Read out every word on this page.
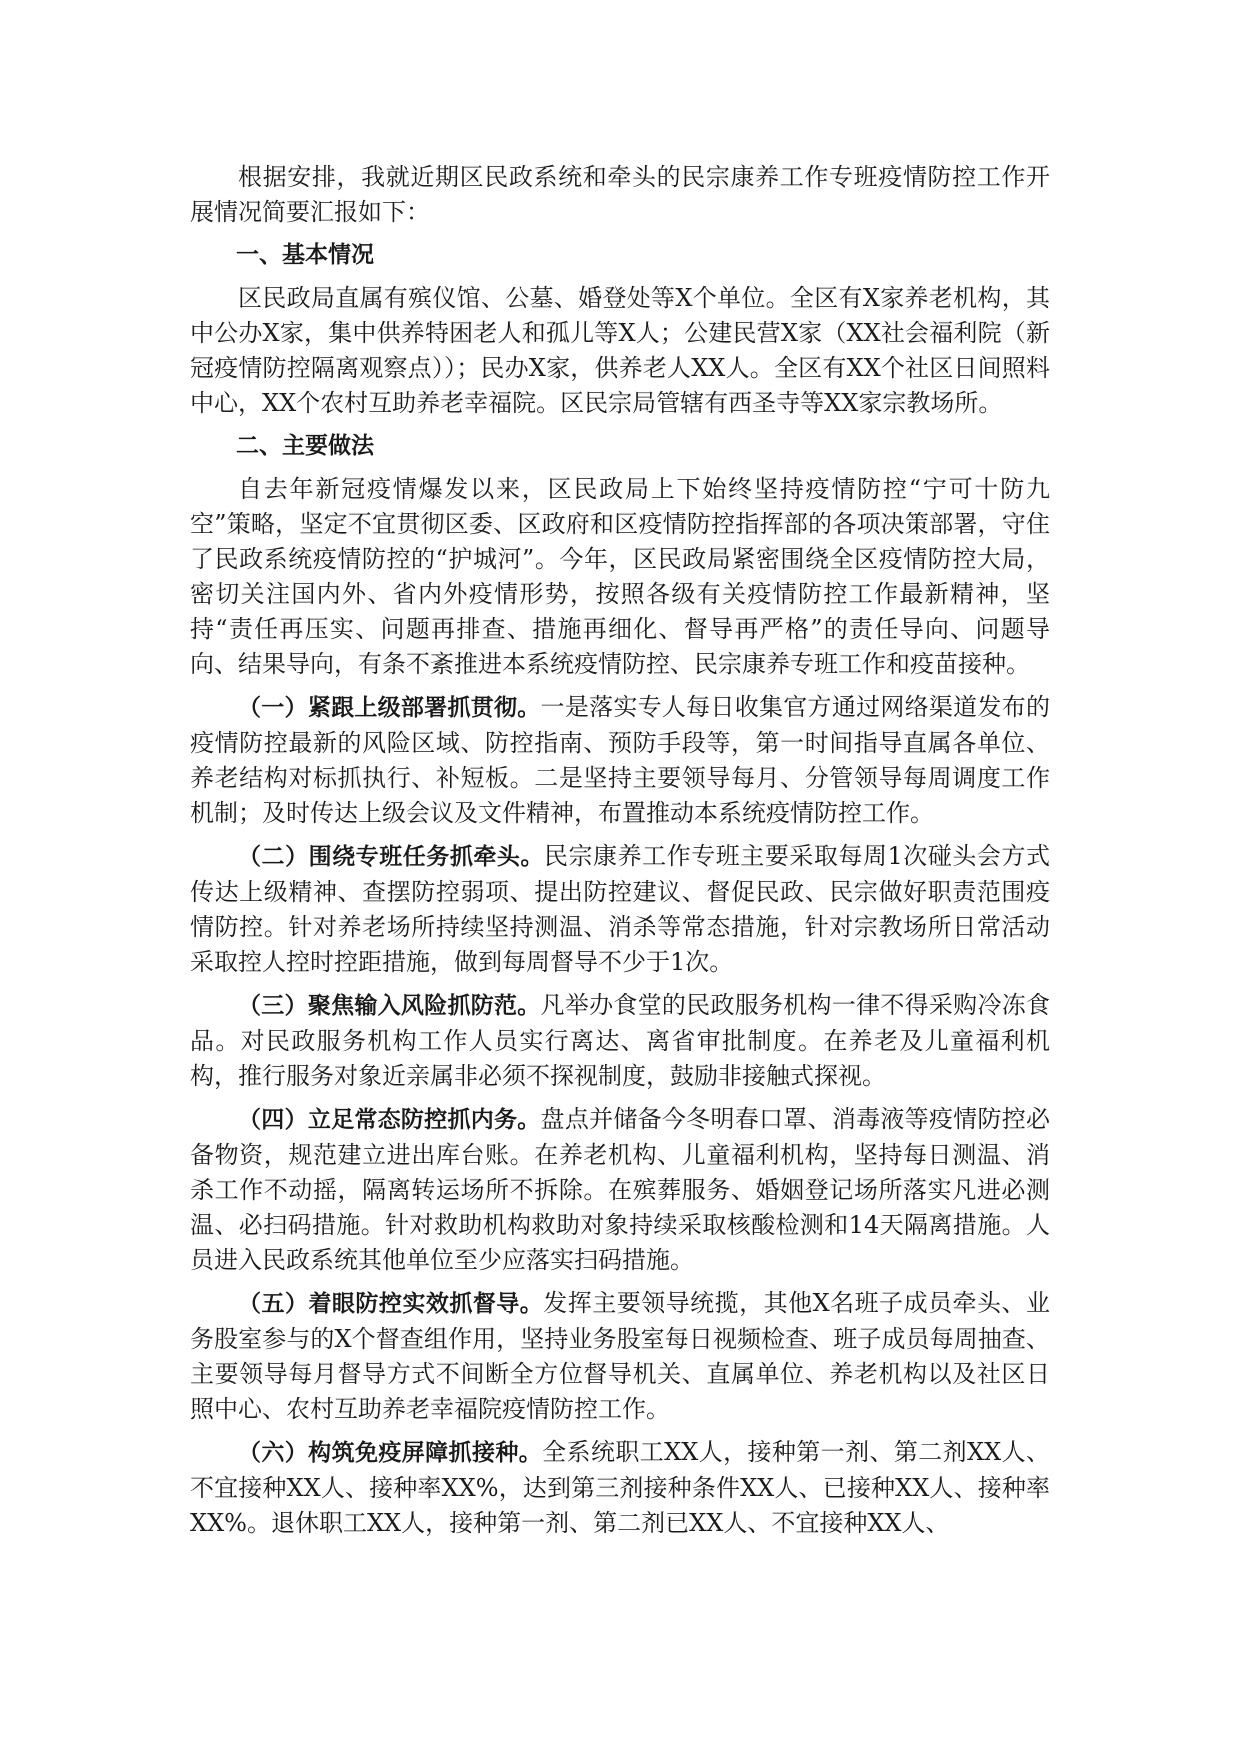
根据安排，我就近期区民政系统和牵头的民宗康养工作专班疫情防控工作开展情况简要汇报如下：

一、基本情况

区民政局直属有殡仪馆、公墓、婚登处等X个单位。全区有X家养老机构，其中公办X家，集中供养特困老人和孤儿等X人；公建民营X家（XX社会福利院（新冠疫情防控隔离观察点））；民办X家，供养老人XX人。全区有XX个社区日间照料中心，XX个农村互助养老幸福院。区民宗局管辖有西圣寺等XX家宗教场所。

二、主要做法

自去年新冠疫情爆发以来，区民政局上下始终坚持疫情防控“宁可十防九空”策略，坚定不宜贯彻区委、区政府和区疫情防控指挥部的各项决策部署，守住了民政系统疫情防控的“护城河”。今年，区民政局紧密围绕全区疫情防控大局，密切关注国内外、省内外疫情形势，按照各级有关疫情防控工作最新精神，坚持“责任再压实、问题再排查、措施再细化、督导再严格”的责任导向、问题导向、结果导向，有条不紊推进本系统疫情防控、民宗康养专班工作和疫苗接种。

（一）紧跟上级部署抓贯彻。一是落实专人每日收集官方通过网络渠道发布的疫情防控最新的风险区域、防控指南、预防手段等，第一时间指导直属各单位、养老结构对标抓执行、补短板。二是坚持主要领导每月、分管领导每周调度工作机制；及时传达上级会议及文件精神，布置推动本系统疫情防控工作。

（二）围绕专班任务抓牵头。民宗康养工作专班主要采取每周1次碰头会方式传达上级精神、查摆防控弱项、提出防控建议、督促民政、民宗做好职责范围疫情防控。针对养老场所持续坚持测温、消杀等常态措施，针对宗教场所日常活动采取控人控时控距措施，做到每周督导不少于1次。

（三）聚焦输入风险抓防范。凡举办食堂的民政服务机构一律不得采购冷冻食品。对民政服务机构工作人员实行离达、离省审批制度。在养老及儿童福利机构，推行服务对象近亲属非必须不探视制度，鼓励非接触式探视。

（四）立足常态防控抓内务。盘点并储备今冬明春口罩、消毒液等疫情防控必备物资，规范建立进出库台账。在养老机构、儿童福利机构，坚持每日测温、消杀工作不动摇，隔离转运场所不拆除。在殡葬服务、婚姻登记场所落实凡进必测温、必扫码措施。针对救助机构救助对象持续采取核酸检测和14天隔离措施。人员进入民政系统其他单位至少应落实扫码措施。

（五）着眼防控实效抓督导。发挥主要领导统揽，其他X名班子成员牵头、业务股室参与的X个督查组作用，坚持业务股室每日视频检查、班子成员每周抽查、主要领导每月督导方式不间断全方位督导机关、直属单位、养老机构以及社区日照中心、农村互助养老幸福院疫情防控工作。

（六）构筑免疫屏障抓接种。全系统职工XX人，接种第一剂、第二剂XX人、不宜接种XX人、接种率XX%，达到第三剂接种条件XX人、已接种XX人、接种率XX%。退休职工XX人，接种第一剂、第二剂已XX人、不宜接种XX人、
